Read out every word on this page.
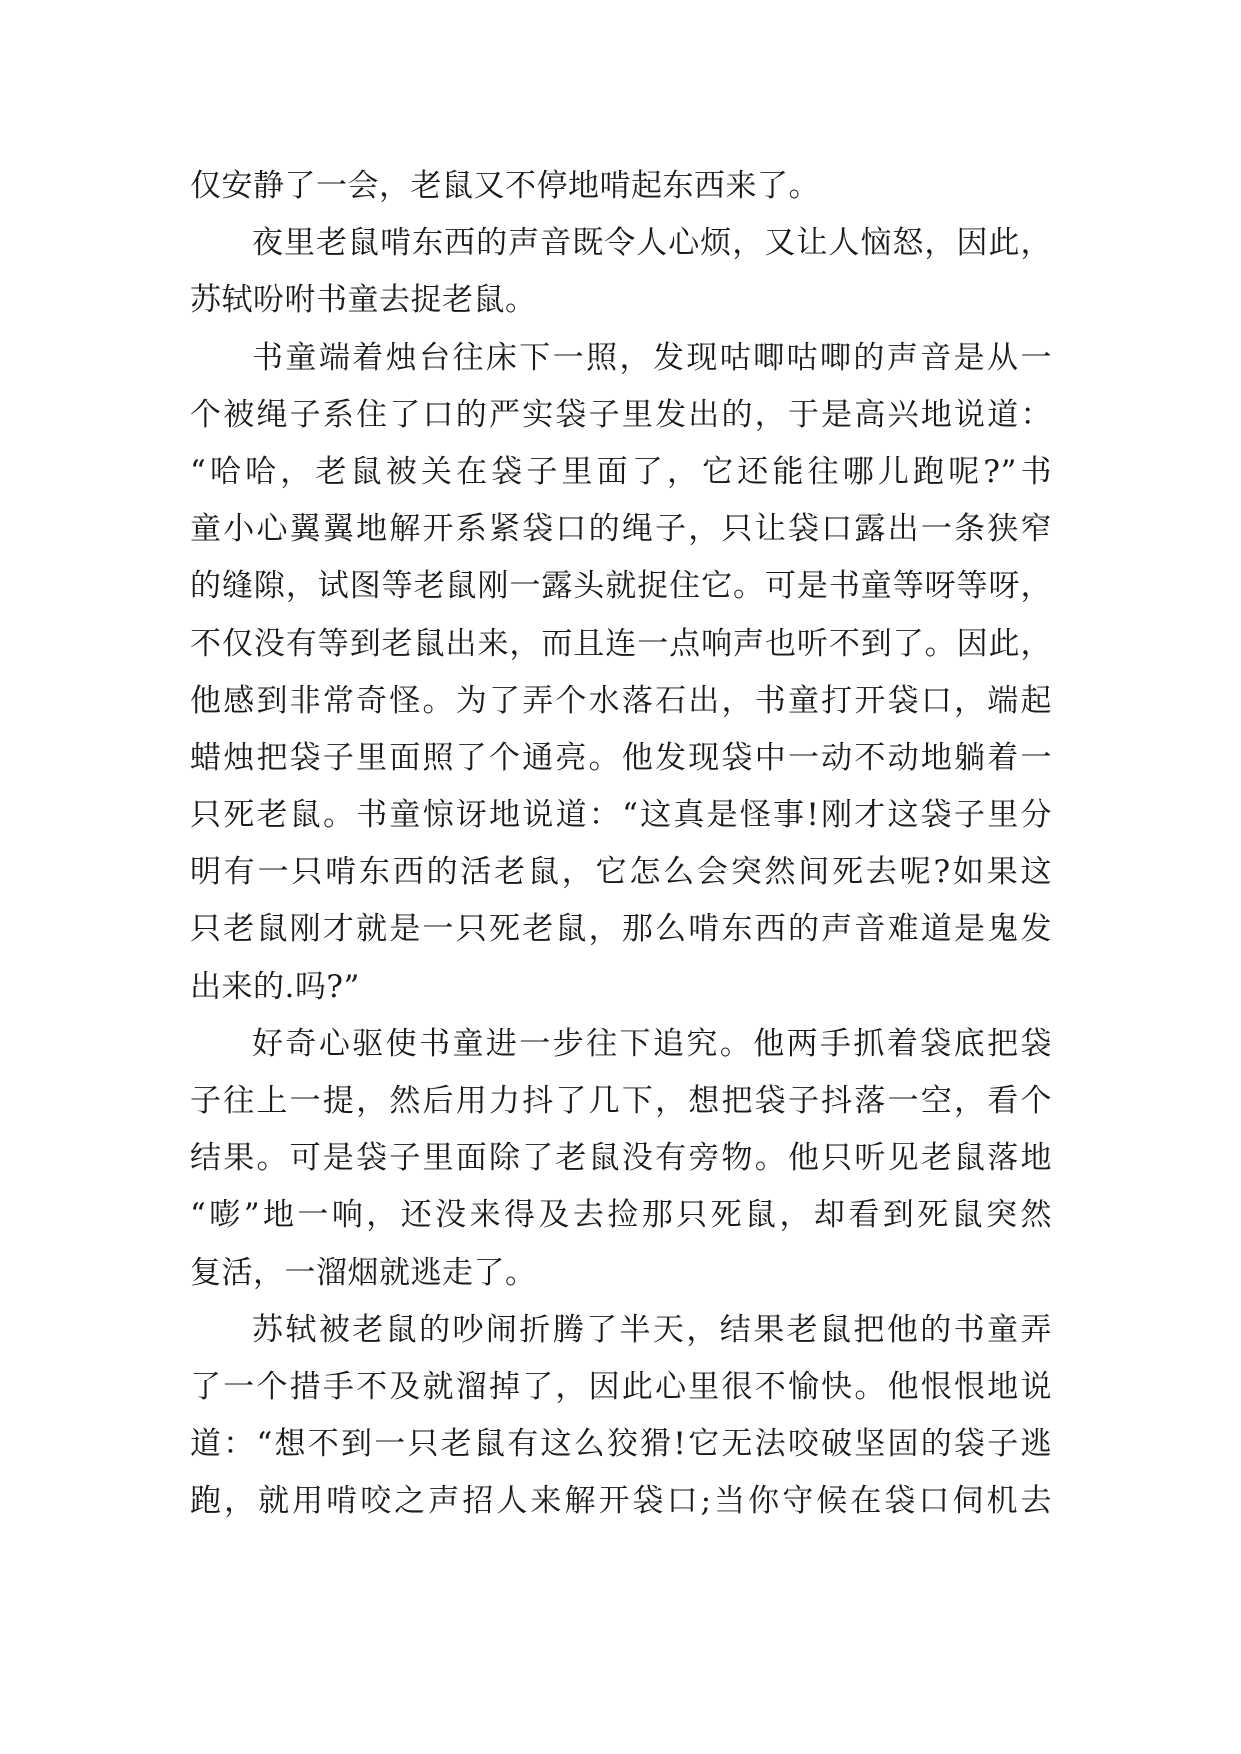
仅安静了一会，老鼠又不停地啃起东西来了。
夜里老鼠啃东西的声音既令人心烦，又让人恼怒，因此，
苏轼吩咐书童去捉老鼠。
书童端着烛台往床下一照，发现咕唧咕唧的声音是从一
个被绳子系住了口的严实袋子里发出的，于是高兴地说道：
“哈哈，老鼠被关在袋子里面了，它还能往哪儿跑呢?”书
童小心翼翼地解开系紧袋口的绳子，只让袋口露出一条狭窄
的缝隙，试图等老鼠刚一露头就捉住它。可是书童等呀等呀，
不仅没有等到老鼠出来，而且连一点响声也听不到了。因此，
他感到非常奇怪。为了弄个水落石出，书童打开袋口，端起
蜡烛把袋子里面照了个通亮。他发现袋中一动不动地躺着一
只死老鼠。书童惊讶地说道：“这真是怪事!刚才这袋子里分
明有一只啃东西的活老鼠，它怎么会突然间死去呢?如果这
只老鼠刚才就是一只死老鼠，那么啃东西的声音难道是鬼发
出来的.吗?”
好奇心驱使书童进一步往下追究。他两手抓着袋底把袋
子往上一提，然后用力抖了几下，想把袋子抖落一空，看个
结果。可是袋子里面除了老鼠没有旁物。他只听见老鼠落地
“嘭”地一响，还没来得及去捡那只死鼠，却看到死鼠突然
复活，一溜烟就逃走了。
苏轼被老鼠的吵闹折腾了半天，结果老鼠把他的书童弄
了一个措手不及就溜掉了，因此心里很不愉快。他恨恨地说
道：“想不到一只老鼠有这么狡猾!它无法咬破坚固的袋子逃
跑，就用啃咬之声招人来解开袋口;当你守候在袋口伺机去
